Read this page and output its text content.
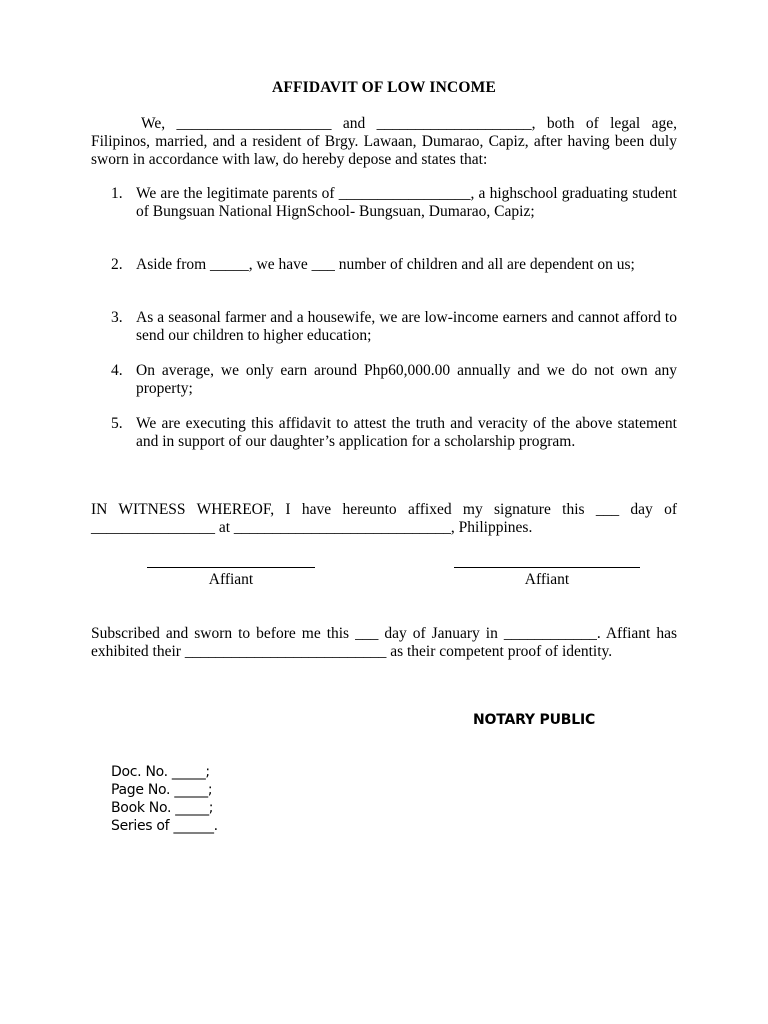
AFFIDAVIT OF LOW INCOME
We, ____________________ and ____________________, both of legal age, Filipinos, married, and a resident of Brgy. Lawaan, Dumarao, Capiz, after having been duly sworn in accordance with law, do hereby depose and states that:
1. We are the legitimate parents of _________________, a highschool graduating student of Bungsuan National HignSchool- Bungsuan, Dumarao, Capiz;
2. Aside from _____, we have ___ number of children and all are dependent on us;
3. As a seasonal farmer and a housewife, we are low-income earners and cannot afford to send our children to higher education;
4. On average, we only earn around Php60,000.00 annually and we do not own any property;
5. We are executing this affidavit to attest the truth and veracity of the above statement and in support of our daughter’s application for a scholarship program.
IN WITNESS WHEREOF, I have hereunto affixed my signature this ___ day of ________________ at ____________________________, Philippines.
Affiant	Affiant
Subscribed and sworn to before me this ___ day of January in ____________. Affiant has exhibited their __________________________ as their competent proof of identity.
NOTARY PUBLIC
Doc. No. _____;
Page No. _____;
Book No. _____;
Series of ______.
